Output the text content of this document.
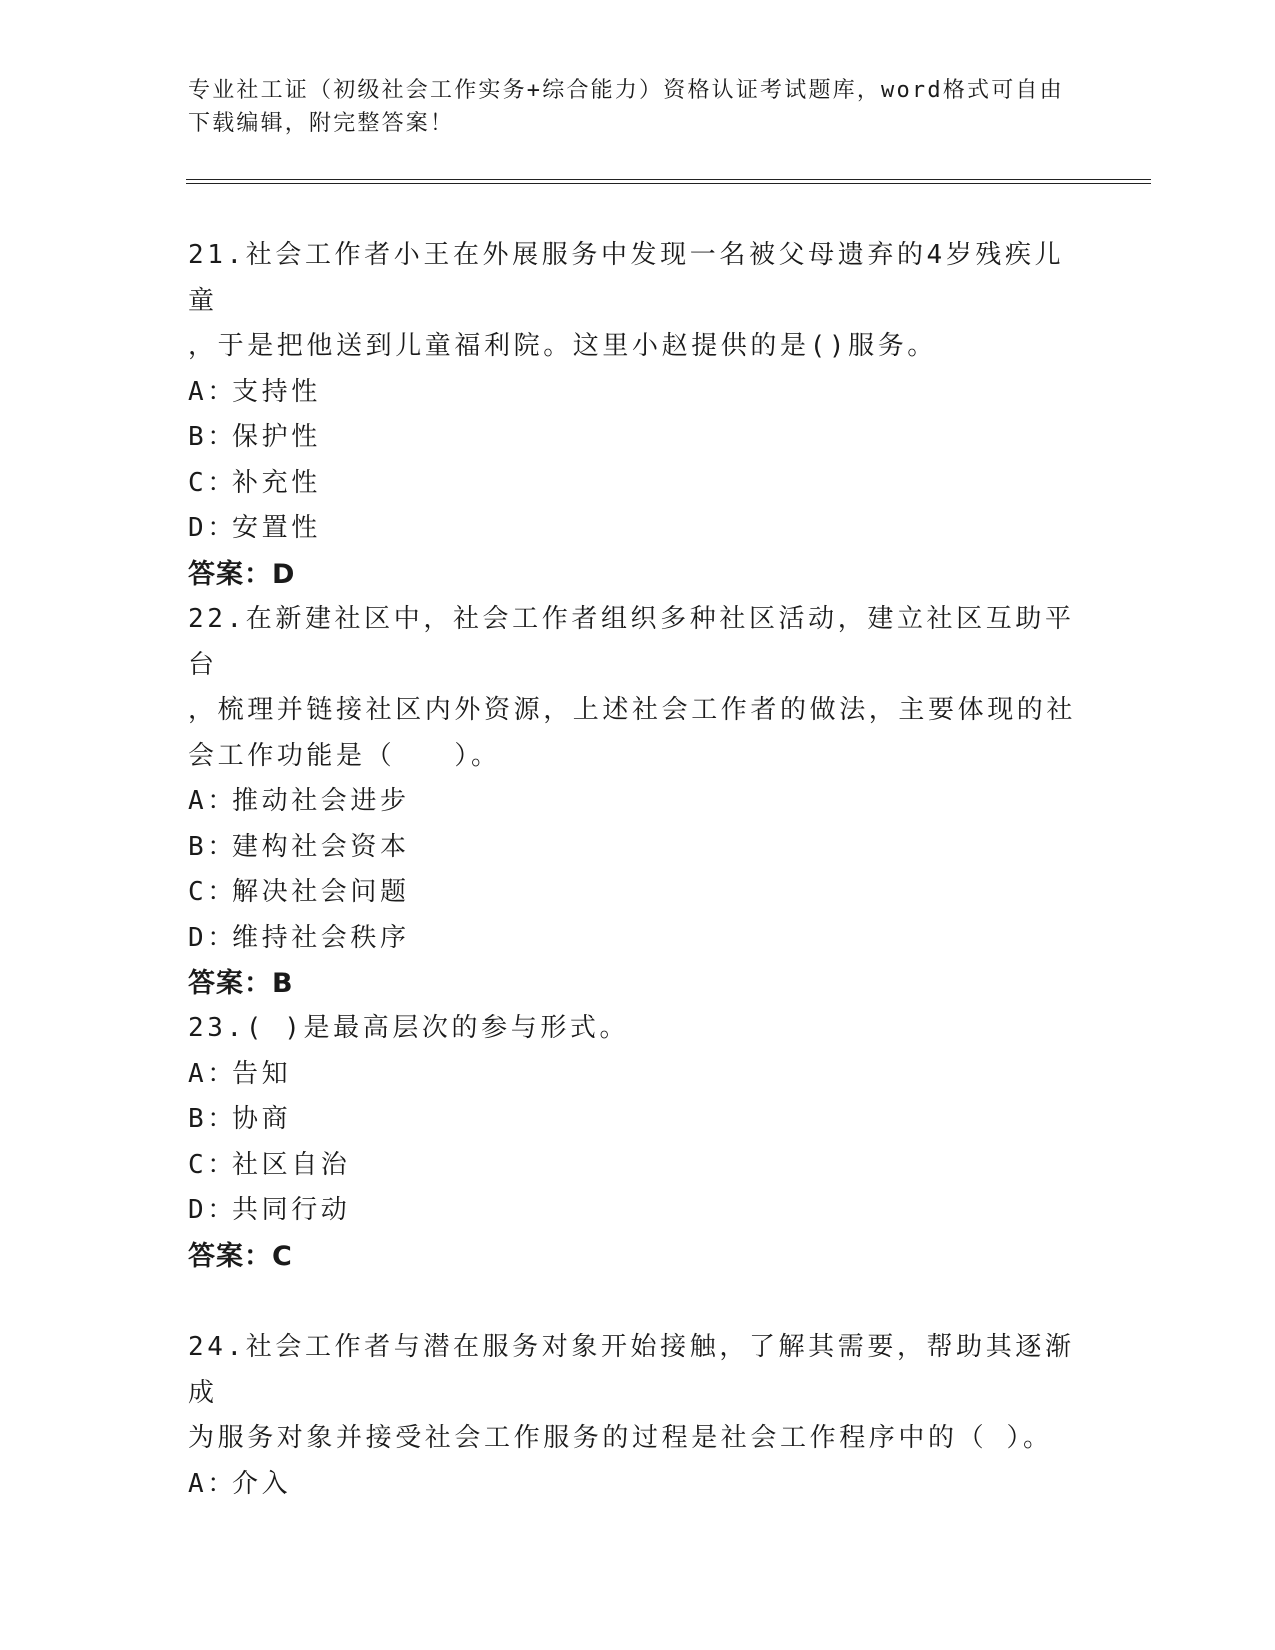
专业社工证（初级社会工作实务+综合能力）资格认证考试题库，word格式可自由
下载编辑，附完整答案！

21.社会工作者小王在外展服务中发现一名被父母遗弃的4岁残疾儿童

，于是把他送到儿童福利院。这里小赵提供的是()服务。

A：支持性

B：保护性

C：补充性

D：安置性

答案：D

22.在新建社区中，社会工作者组织多种社区活动，建立社区互助平台

，梳理并链接社区内外资源，上述社会工作者的做法，主要体现的社

会工作功能是（　　）。

A：推动社会进步

B：建构社会资本

C：解决社会问题

D：维持社会秩序

答案：B

23.( )是最高层次的参与形式。

A：告知

B：协商

C：社区自治

D：共同行动

答案：C

24.社会工作者与潜在服务对象开始接触，了解其需要，帮助其逐渐成

为服务对象并接受社会工作服务的过程是社会工作程序中的（ ）。

A：介入
